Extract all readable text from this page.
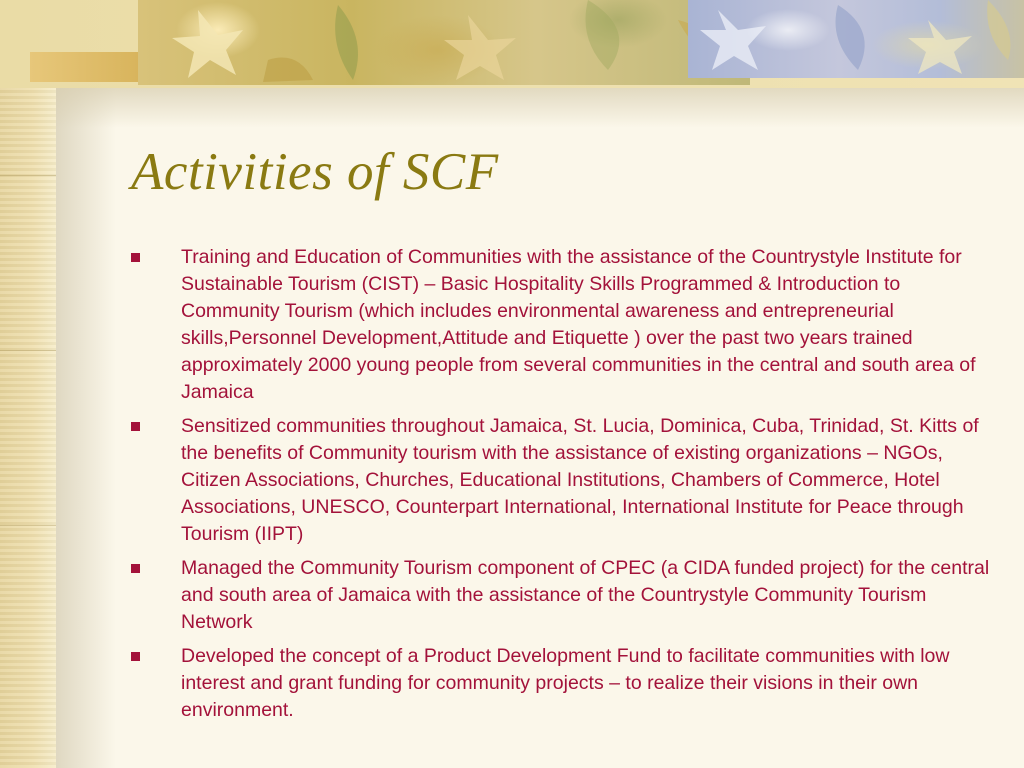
Activities of SCF
Training and Education of Communities with the assistance of the Countrystyle Institute for Sustainable Tourism (CIST) – Basic Hospitality Skills Programmed & Introduction to Community Tourism (which includes environmental awareness and entrepreneurial skills,Personnel Development,Attitude and Etiquette ) over the past two years trained approximately 2000 young people from several communities in the central and south area of Jamaica
Sensitized communities throughout Jamaica, St. Lucia, Dominica, Cuba, Trinidad, St. Kitts of the benefits of Community tourism with the assistance of existing organizations – NGOs, Citizen Associations, Churches, Educational Institutions, Chambers of Commerce, Hotel Associations, UNESCO, Counterpart International, International Institute for Peace through Tourism (IIPT)
Managed the Community Tourism component of CPEC (a CIDA funded project) for the central and south area of Jamaica with the assistance of the Countrystyle Community Tourism Network
Developed the concept of a Product Development Fund to facilitate communities with low interest and grant funding for community projects – to realize their visions in their own environment.
